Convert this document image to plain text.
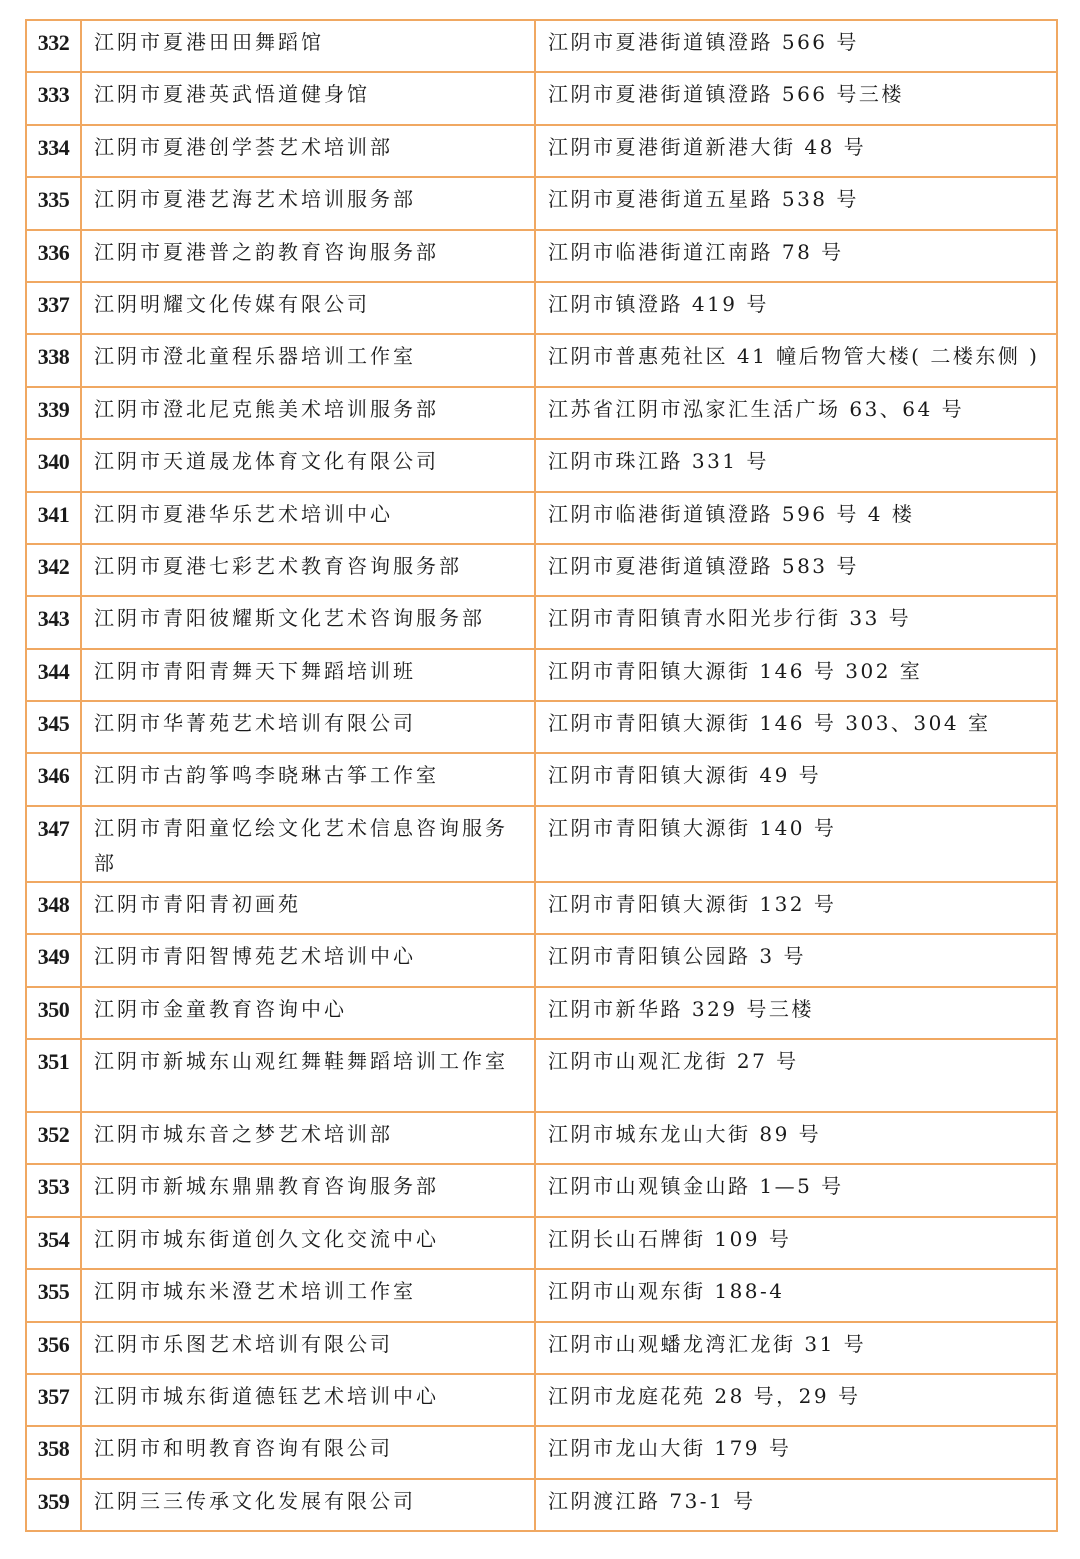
332	江阴市夏港田田舞蹈馆	江阴市夏港街道镇澄路 566 号
333	江阴市夏港英武悟道健身馆	江阴市夏港街道镇澄路 566 号三楼
334	江阴市夏港创学荟艺术培训部	江阴市夏港街道新港大街 48 号
335	江阴市夏港艺海艺术培训服务部	江阴市夏港街道五星路 538 号
336	江阴市夏港普之韵教育咨询服务部	江阴市临港街道江南路 78 号
337	江阴明耀文化传媒有限公司	江阴市镇澄路 419 号
338	江阴市澄北童程乐器培训工作室	江阴市普惠苑社区 41 幢后物管大楼( 二楼东侧 )
339	江阴市澄北尼克熊美术培训服务部	江苏省江阴市泓家汇生活广场 63、64 号
340	江阴市天道晟龙体育文化有限公司	江阴市珠江路 331 号
341	江阴市夏港华乐艺术培训中心	江阴市临港街道镇澄路 596 号 4 楼
342	江阴市夏港七彩艺术教育咨询服务部	江阴市夏港街道镇澄路 583 号
343	江阴市青阳彼耀斯文化艺术咨询服务部	江阴市青阳镇青水阳光步行街 33 号
344	江阴市青阳青舞天下舞蹈培训班	江阴市青阳镇大源街 146 号 302 室
345	江阴市华菁苑艺术培训有限公司	江阴市青阳镇大源街 146 号 303、304 室
346	江阴市古韵筝鸣李晓琳古筝工作室	江阴市青阳镇大源街 49 号
347	江阴市青阳童忆绘文化艺术信息咨询服务部	江阴市青阳镇大源街 140 号
348	江阴市青阳青初画苑	江阴市青阳镇大源街 132 号
349	江阴市青阳智博苑艺术培训中心	江阴市青阳镇公园路 3 号
350	江阴市金童教育咨询中心	江阴市新华路 329 号三楼
351	江阴市新城东山观红舞鞋舞蹈培训工作室	江阴市山观汇龙街 27 号
352	江阴市城东音之梦艺术培训部	江阴市城东龙山大街 89 号
353	江阴市新城东鼎鼎教育咨询服务部	江阴市山观镇金山路 1—5 号
354	江阴市城东街道创久文化交流中心	江阴长山石牌街 109 号
355	江阴市城东米澄艺术培训工作室	江阴市山观东街 188-4
356	江阴市乐图艺术培训有限公司	江阴市山观蟠龙湾汇龙街 31 号
357	江阴市城东街道德钰艺术培训中心	江阴市龙庭花苑 28 号，29 号
358	江阴市和明教育咨询有限公司	江阴市龙山大街 179 号
359	江阴三三传承文化发展有限公司	江阴渡江路 73-1 号
